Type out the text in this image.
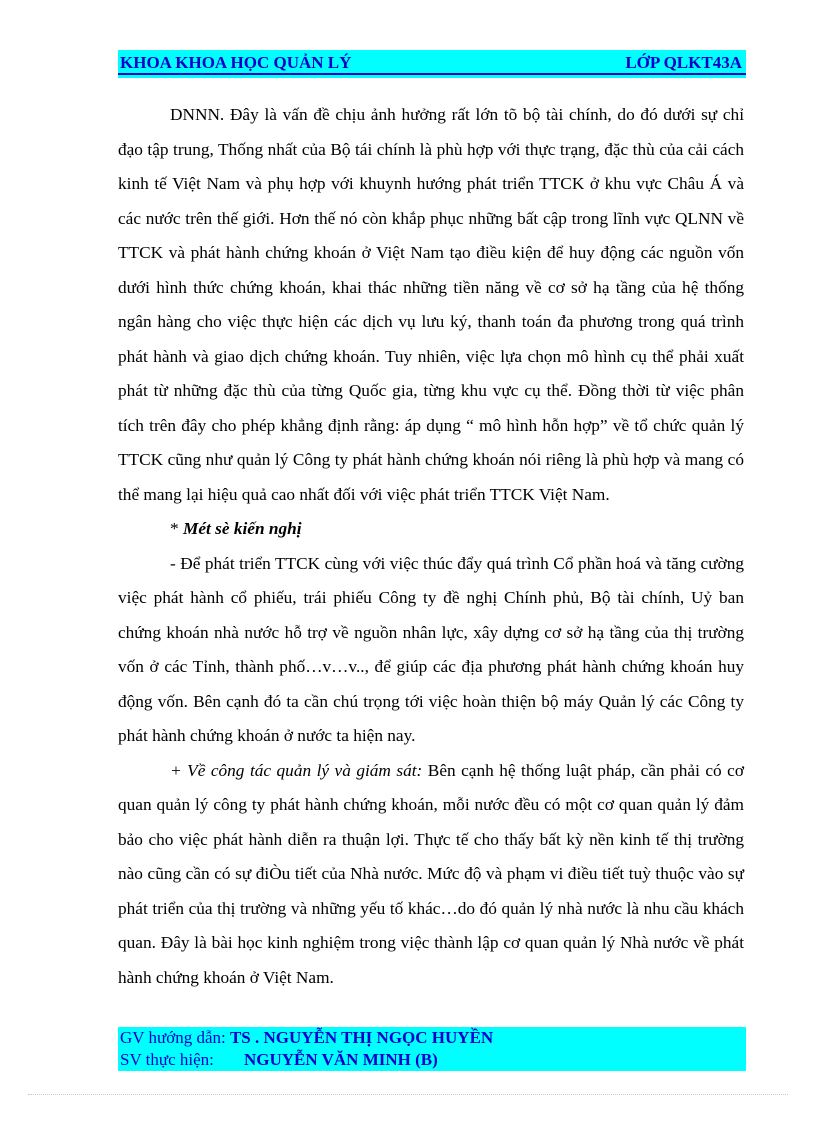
KHOA KHOA HỌC QUẢN LÝ	LỚP QLKT43A

DNNN. Đây là vấn đề chịu ảnh hưởng rất lớn tõ bộ tài chính, do đó dưới sự chỉ đạo tập trung, Thống nhất của Bộ tái chính là phù hợp với thực trạng, đặc thù của cải cách kinh tế Việt Nam và phụ hợp với khuynh hướng phát triển TTCK ở khu vực Châu Á và các nước trên thế giới. Hơn thế nó còn khắp phục những bất cập trong lĩnh vực QLNN về TTCK và phát hành chứng khoán ở Việt Nam tạo điều kiện để huy động các nguồn vốn dưới hình thức chứng khoán, khai thác những tiền năng về cơ sở hạ tầng của hệ thống ngân hàng cho việc thực hiện các dịch vụ lưu ký, thanh toán đa phương trong quá trình phát hành và giao dịch chứng khoán. Tuy nhiên, việc lựa chọn mô hình cụ thể phải xuất phát từ những đặc thù của từng Quốc gia, từng khu vực cụ thể. Đồng thời từ việc phân tích trên đây cho phép khẳng định rằng: áp dụng “ mô hình hỗn hợp” về tổ chức quản lý TTCK cũng như quản lý Công ty phát hành chứng khoán nói riêng là phù hợp và mang có thể mang lại hiệu quả cao nhất đối với việc phát triển TTCK Việt Nam.

* Mét sè kiến nghị

- Để phát triển TTCK cùng với việc thúc đẩy quá trình Cổ phần hoá và tăng cường việc phát hành cổ phiếu, trái phiếu Công ty đề nghị Chính phủ, Bộ tài chính, Uỷ ban chứng khoán nhà nước hỗ trợ về nguồn nhân lực, xây dựng cơ sở hạ tầng của thị trường vốn ở các Tỉnh, thành phố…v…v.., để giúp các địa phương phát hành chứng khoán huy động vốn. Bên cạnh đó ta cần chú trọng tới việc hoàn thiện bộ máy Quản lý các Công ty phát hành chứng khoán ở nước ta hiện nay.

+ Về công tác quản lý và giám sát: Bên cạnh hệ thống luật pháp, cần phải có cơ quan quản lý công ty phát hành chứng khoán, mỗi nước đều có một cơ quan quản lý đảm bảo cho việc phát hành diễn ra thuận lợi. Thực tế cho thấy bất kỳ nền kinh tế thị trường nào cũng cần có sự điÒu tiết của Nhà nước. Mức độ và phạm vi điều tiết tuỳ thuộc vào sự phát triển của thị trường và những yếu tố khác…do đó quản lý nhà nước là nhu cầu khách quan. Đây là bài học kinh nghiệm trong việc thành lập cơ quan quản lý Nhà nước về phát hành chứng khoán ở Việt Nam.

GV hướng dẫn: TS . NGUYỄN THỊ NGỌC HUYỀN
SV thực hiện: NGUYỄN VĂN MINH (B)
